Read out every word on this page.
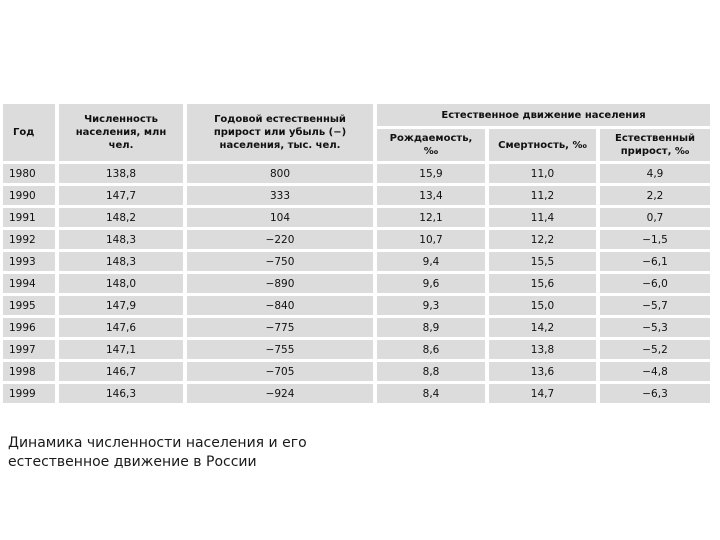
Год	Численность населения, млн чел.	Годовой естественный прирост или убыль (−) населения, тыс. чел.	Естественное движение населения		
			Рождаемость, ‰	Смертность, ‰	Естественный прирост, ‰
1980	138,8	800	15,9	11,0	4,9
1990	147,7	333	13,4	11,2	2,2
1991	148,2	104	12,1	11,4	0,7
1992	148,3	−220	10,7	12,2	−1,5
1993	148,3	−750	9,4	15,5	−6,1
1994	148,0	−890	9,6	15,6	−6,0
1995	147,9	−840	9,3	15,0	−5,7
1996	147,6	−775	8,9	14,2	−5,3
1997	147,1	−755	8,6	13,8	−5,2
1998	146,7	−705	8,8	13,6	−4,8
1999	146,3	−924	8,4	14,7	−6,3
Динамика численности населения и его естественное движение в России
